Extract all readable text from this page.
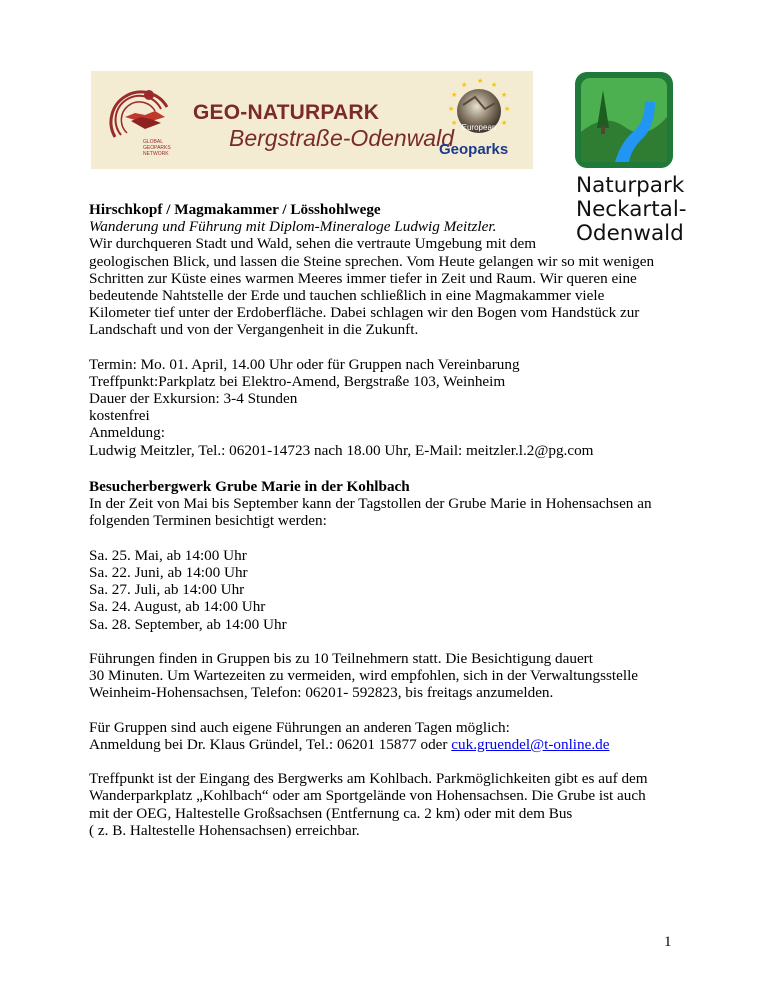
GLOBAL
GEOPARKS
NETWORK
GEO-NATURPARK
Bergstraße-Odenwald
★ ★
★
★
★
★
★
★
★ European
Geoparks
Naturpark
Neckartal-
Odenwald
Hirschkopf / Magmakammer / Lösshohlwege
Wanderung und Führung mit Diplom-Mineraloge Ludwig Meitzler.
Wir durchqueren Stadt und Wald, sehen die vertraute Umgebung mit dem
geologischen Blick, und lassen die Steine sprechen. Vom Heute gelangen wir so mit wenigen
Schritten zur Küste eines warmen Meeres immer tiefer in Zeit und Raum. Wir queren eine
bedeutende Nahtstelle der Erde und tauchen schließlich in eine Magmakammer viele
Kilometer tief unter der Erdoberfläche. Dabei schlagen wir den Bogen vom Handstück zur
Landschaft und von der Vergangenheit in die Zukunft.
Termin: Mo. 01. April, 14.00 Uhr oder für Gruppen nach Vereinbarung
Treffpunkt:Parkplatz bei Elektro-Amend, Bergstraße 103, Weinheim
Dauer der Exkursion: 3-4 Stunden
kostenfrei
Anmeldung:
Ludwig Meitzler, Tel.: 06201-14723 nach 18.00 Uhr, E-Mail: meitzler.l.2@pg.com
Besucherbergwerk Grube Marie in der Kohlbach
In der Zeit von Mai bis September kann der Tagstollen der Grube Marie in Hohensachsen an
folgenden Terminen besichtigt werden:
Sa. 25. Mai, ab 14:00 Uhr
Sa. 22. Juni, ab 14:00 Uhr
Sa. 27. Juli, ab 14:00 Uhr
Sa. 24. August, ab 14:00 Uhr
Sa. 28. September, ab 14:00 Uhr
Führungen finden in Gruppen bis zu 10 Teilnehmern statt. Die Besichtigung dauert
30 Minuten. Um Wartezeiten zu vermeiden, wird empfohlen, sich in der Verwaltungsstelle
Weinheim-Hohensachsen, Telefon: 06201- 592823, bis freitags anzumelden.
Für Gruppen sind auch eigene Führungen an anderen Tagen möglich:
Anmeldung bei Dr. Klaus Gründel, Tel.: 06201 15877 oder cuk.gruendel@t-online.de
Treffpunkt ist der Eingang des Bergwerks am Kohlbach. Parkmöglichkeiten gibt es auf dem
Wanderparkplatz „Kohlbach“ oder am Sportgelände von Hohensachsen. Die Grube ist auch
mit der OEG, Haltestelle Großsachsen (Entfernung ca. 2 km) oder mit dem Bus
( z. B. Haltestelle Hohensachsen) erreichbar.
1
